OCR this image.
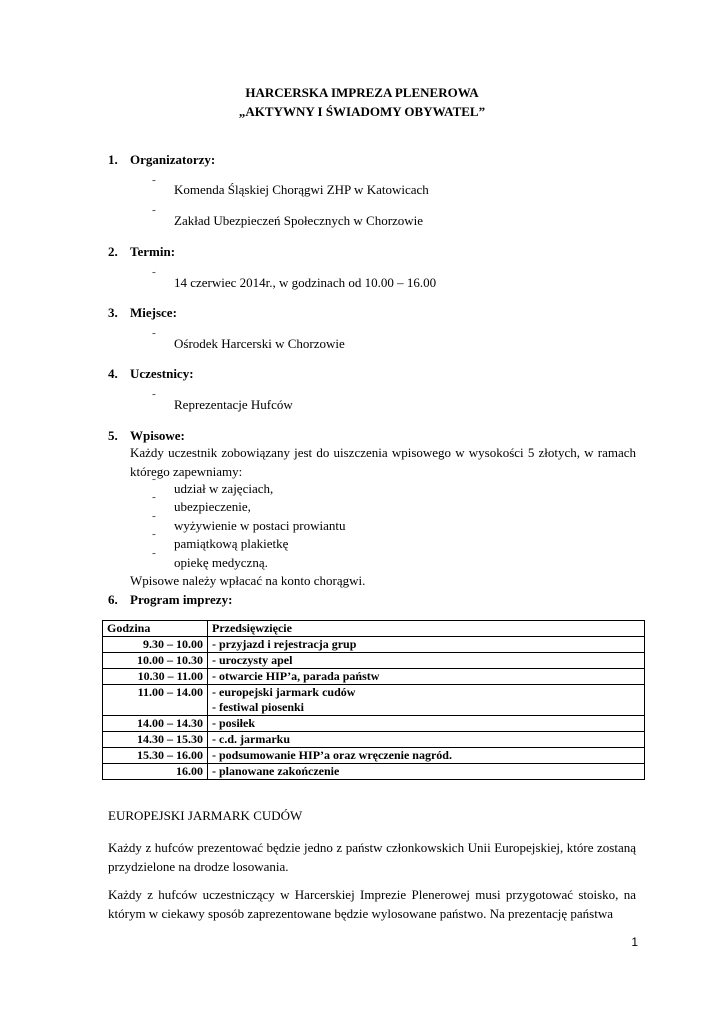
HARCERSKA IMPREZA PLENEROWA
„AKTYWNY I ŚWIADOMY OBYWATEL”
1. Organizatorzy:
˜ Komenda Śląskiej Chorągwi ZHP w Katowicach
˜ Zakład Ubezpieczeń Społecznych w Chorzowie
2. Termin:
˜ 14 czerwiec 2014r., w godzinach od 10.00 – 16.00
3. Miejsce:
˜ Ośrodek Harcerski w Chorzowie
4. Uczestnicy:
˜ Reprezentacje Hufców
5. Wpisowe:
Każdy uczestnik zobowiązany jest do uiszczenia wpisowego w wysokości 5 złotych, w ramach którego zapewniamy:
˜ udział w zajęciach,
˜ ubezpieczenie,
˜ wyżywienie w postaci prowiantu
˜ pamiątkową plakietkę
˜ opiekę medyczną.
Wpisowe należy wpłacać na konto chorągwi.
6. Program imprezy:
Godzina	Przedsięwzięcie
9.30 – 10.00	- przyjazd i rejestracja grup
10.00 – 10.30	- uroczysty apel
10.30 – 11.00	- otwarcie HIP’a, parada państw
11.00 – 14.00	- europejski jarmark cudów
- festiwal piosenki

14.00 – 14.30	- posiłek
14.30 – 15.30	- c.d. jarmarku
15.30 – 16.00	- podsumowanie HIP’a oraz wręczenie nagród.
16.00	- planowane zakończenie
EUROPEJSKI JARMARK CUDÓW
Każdy z hufców prezentować będzie jedno z państw członkowskich Unii Europejskiej, które zostaną przydzielone na drodze losowania.
Każdy z hufców uczestniczący w Harcerskiej Imprezie Plenerowej musi przygotować stoisko, na którym w ciekawy sposób zaprezentowane będzie wylosowane państwo. Na prezentację państwa
1
